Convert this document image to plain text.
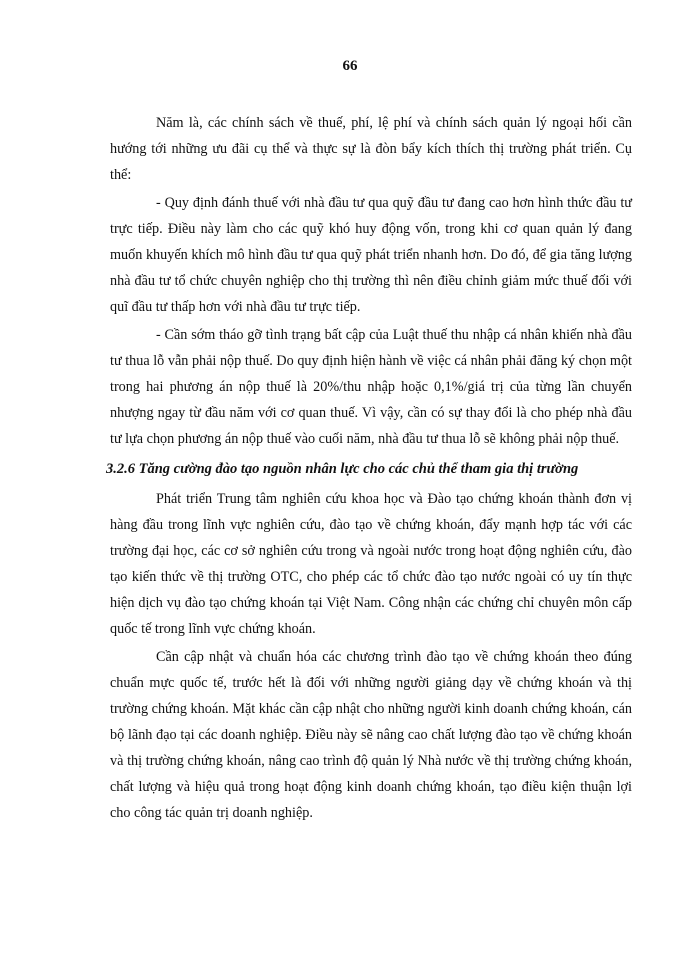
66

Năm là, các chính sách về thuế, phí, lệ phí và chính sách quản lý ngoại hối cần hướng tới những ưu đãi cụ thể và thực sự là đòn bẩy kích thích thị trường phát triển. Cụ thể:

- Quy định đánh thuế với nhà đầu tư qua quỹ đầu tư đang cao hơn hình thức đầu tư trực tiếp. Điều này làm cho các quỹ khó huy động vốn, trong khi cơ quan quản lý đang muốn khuyến khích mô hình đầu tư qua quỹ phát triển nhanh hơn. Do đó, để gia tăng lượng nhà đầu tư tổ chức chuyên nghiệp cho thị trường thì nên điều chỉnh giảm mức thuế đối với quĩ đầu tư thấp hơn với nhà đầu tư trực tiếp.

- Cần sớm tháo gỡ tình trạng bất cập của Luật thuế thu nhập cá nhân khiến nhà đầu tư thua lỗ vẫn phải nộp thuế. Do quy định hiện hành về việc cá nhân phải đăng ký chọn một trong hai phương án nộp thuế là 20%/thu nhập hoặc 0,1%/giá trị của từng lần chuyển nhượng ngay từ đầu năm với cơ quan thuế. Vì vậy, cần có sự thay đổi là cho phép nhà đầu tư lựa chọn phương án nộp thuế vào cuối năm, nhà đầu tư thua lỗ sẽ không phải nộp thuế.

3.2.6 Tăng cường đào tạo nguồn nhân lực cho các chủ thể tham gia thị trường

Phát triển Trung tâm nghiên cứu khoa học và Đào tạo chứng khoán thành đơn vị hàng đầu trong lĩnh vực nghiên cứu, đào tạo về chứng khoán, đẩy mạnh hợp tác với các trường đại học, các cơ sở nghiên cứu trong và ngoài nước trong hoạt động nghiên cứu, đào tạo kiến thức về thị trường OTC, cho phép các tổ chức đào tạo nước ngoài có uy tín thực hiện dịch vụ đào tạo chứng khoán tại Việt Nam. Công nhận các chứng chỉ chuyên môn cấp quốc tế trong lĩnh vực chứng khoán.

Cần cập nhật và chuẩn hóa các chương trình đào tạo về chứng khoán theo đúng chuẩn mực quốc tế, trước hết là đối với những người giảng dạy về chứng khoán và thị trường chứng khoán. Mặt khác cần cập nhật cho những người kinh doanh chứng khoán, cán bộ lãnh đạo tại các doanh nghiệp. Điều này sẽ nâng cao chất lượng đào tạo về chứng khoán và thị trường chứng khoán, nâng cao trình độ quản lý Nhà nước về thị trường chứng khoán, chất lượng và hiệu quả trong hoạt động kinh doanh chứng khoán, tạo điều kiện thuận lợi cho công tác quản trị doanh nghiệp.
